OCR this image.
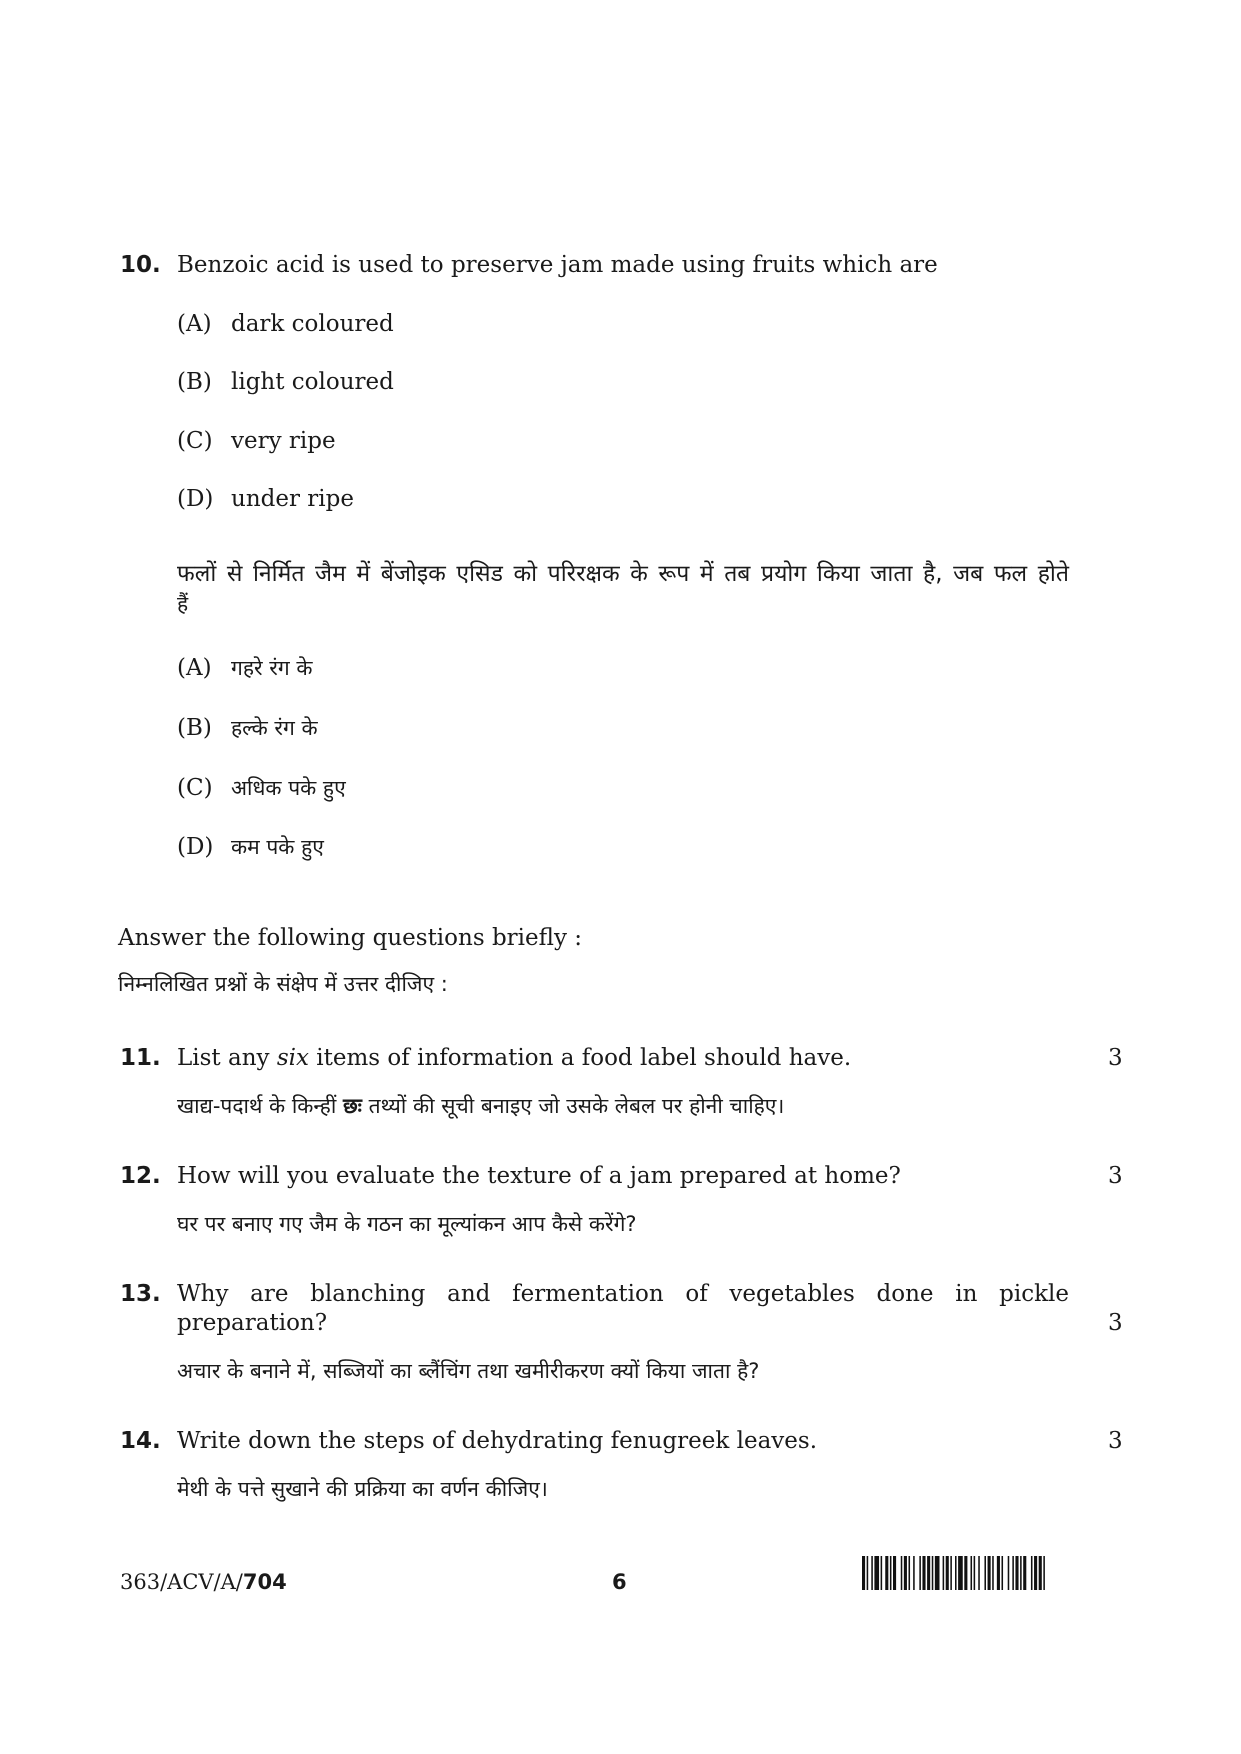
10. Benzoic acid is used to preserve jam made using fruits which are
(A) dark coloured
(B) light coloured
(C) very ripe
(D) under ripe
फलों से निर्मित जैम में बेंजोइक एसिड को परिरक्षक के रूप में तब प्रयोग किया जाता है, जब फल होते
हैं
(A) गहरे रंग के
(B) हल्के रंग के
(C) अधिक पके हुए
(D) कम पके हुए
Answer the following questions briefly :
निम्नलिखित प्रश्नों के संक्षेप में उत्तर दीजिए :
11. List any six items of information a food label should have.	3
खाद्य-पदार्थ के किन्हीं छः तथ्यों की सूची बनाइए जो उसके लेबल पर होनी चाहिए।
12. How will you evaluate the texture of a jam prepared at home?	3
घर पर बनाए गए जैम के गठन का मूल्यांकन आप कैसे करेंगे?
13. Why are blanching and fermentation of vegetables done in pickle
preparation?	3
अचार के बनाने में, सब्जियों का ब्लैंचिंग तथा खमीरीकरण क्यों किया जाता है?
14. Write down the steps of dehydrating fenugreek leaves.	3
मेथी के पत्ते सुखाने की प्रक्रिया का वर्णन कीजिए।
363/ACV/A/704	6
